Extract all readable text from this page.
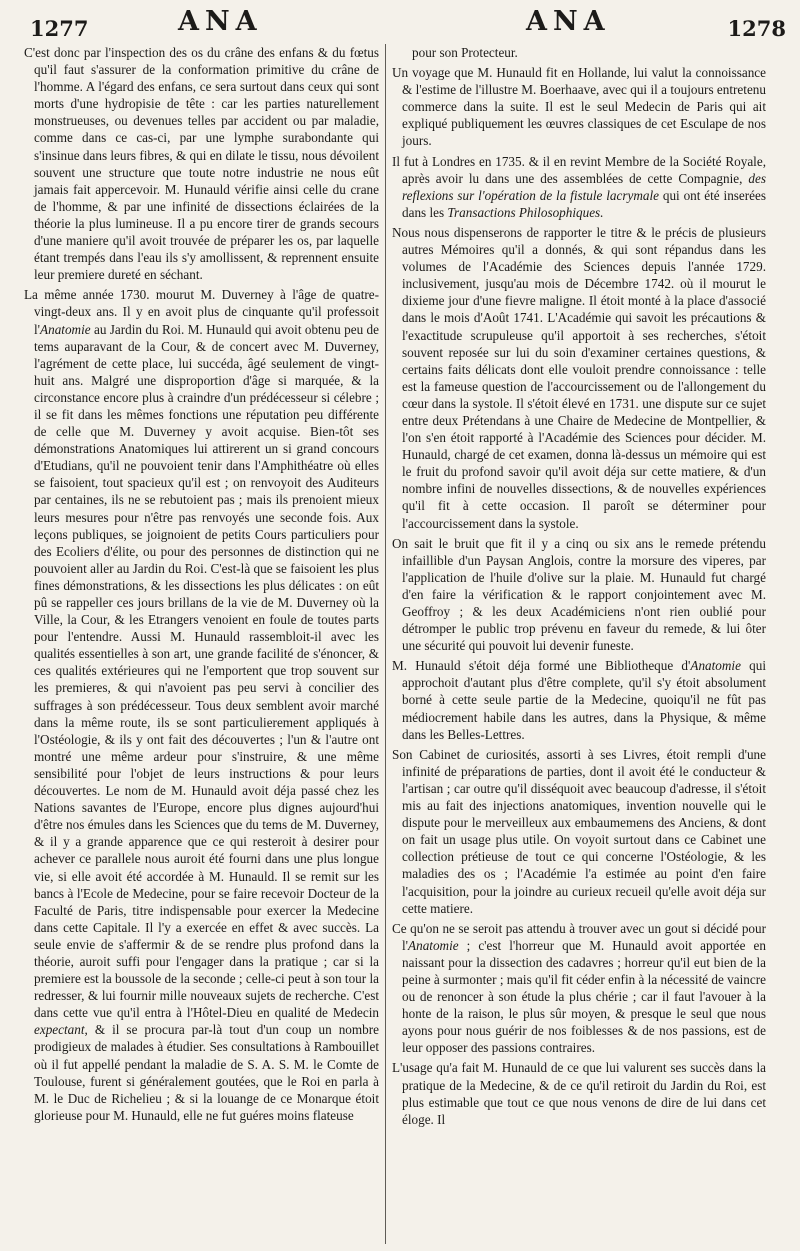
1277	ANA	ANA	1278

C'est donc par l'inspection des os du crâne des enfans & du fœtus qu'il faut s'assurer de la conformation primitive du crâne de l'homme. A l'égard des enfans, ce sera surtout dans ceux qui sont morts d'une hydropisie de tête : car les parties naturellement monstrueuses, ou devenues telles par accident ou par maladie, comme dans ce cas-ci, par une lymphe surabondante qui s'insinue dans leurs fibres, & qui en dilate le tissu, nous dévoilent souvent une structure que toute notre industrie ne nous eût jamais fait appercevoir. M. Hunauld vérifie ainsi celle du crane de l'homme, & par une infinité de dissections éclairées de la théorie la plus lumineuse. Il a pu encore tirer de grands secours d'une maniere qu'il avoit trouvée de préparer les os, par laquelle étant trempés dans l'eau ils s'y amollissent, & reprennent ensuite leur premiere dureté en séchant.

La même année 1730. mourut M. Duverney à l'âge de quatre-vingt-deux ans. Il y en avoit plus de cinquante qu'il professoit l'Anatomie au Jardin du Roi. M. Hunauld qui avoit obtenu peu de tems auparavant de la Cour, & de concert avec M. Duverney, l'agrément de cette place, lui succéda, âgé seulement de vingt-huit ans. Malgré une disproportion d'âge si marquée, & la circonstance encore plus à craindre d'un prédécesseur si célebre ; il se fit dans les mêmes fonctions une réputation peu différente de celle que M. Duverney y avoit acquise. Bien-tôt ses démonstrations Anatomiques lui attirerent un si grand concours d'Etudians, qu'il ne pouvoient tenir dans l'Amphithéatre où elles se faisoient, tout spacieux qu'il est ; on renvoyoit des Auditeurs par centaines, ils ne se rebutoient pas ; mais ils prenoient mieux leurs mesures pour n'être pas renvoyés une seconde fois. Aux leçons publiques, se joignoient de petits Cours particuliers pour des Ecoliers d'élite, ou pour des personnes de distinction qui ne pouvoient aller au Jardin du Roi. C'est-là que se faisoient les plus fines démonstrations, & les dissections les plus délicates : on eût pû se rappeller ces jours brillans de la vie de M. Duverney où la Ville, la Cour, & les Etrangers venoient en foule de toutes parts pour l'entendre. Aussi M. Hunauld rassembloit-il avec les qualités essentielles à son art, une grande facilité de s'énoncer, & ces qualités extérieures qui ne l'emportent que trop souvent sur les premieres, & qui n'avoient pas peu servi à concilier des suffrages à son prédécesseur. Tous deux semblent avoir marché dans la même route, ils se sont particulierement appliqués à l'Ostéologie, & ils y ont fait des découvertes ; l'un & l'autre ont montré une même ardeur pour s'instruire, & une même sensibilité pour l'objet de leurs instructions & pour leurs découvertes. Le nom de M. Hunauld avoit déja passé chez les Nations savantes de l'Europe, encore plus dignes aujourd'hui d'être nos émules dans les Sciences que du tems de M. Duverney, & il y a grande apparence que ce qui resteroit à desirer pour achever ce parallele nous auroit été fourni dans une plus longue vie, si elle avoit été accordée à M. Hunauld. Il se remit sur les bancs à l'Ecole de Medecine, pour se faire recevoir Docteur de la Faculté de Paris, titre indispensable pour exercer la Medecine dans cette Capitale. Il l'y a exercée en effet & avec succès. La seule envie de s'affermir & de se rendre plus profond dans la théorie, auroit suffi pour l'engager dans la pratique ; car si la premiere est la boussole de la seconde ; celle-ci peut à son tour la redresser, & lui fournir mille nouveaux sujets de recherche. C'est dans cette vue qu'il entra à l'Hôtel-Dieu en qualité de Medecin expectant, & il se procura par-là tout d'un coup un nombre prodigieux de malades à étudier. Ses consultations à Rambouillet où il fut appellé pendant la maladie de S. A. S. M. le Comte de Toulouse, furent si généralement goutées, que le Roi en parla à M. le Duc de Richelieu ; & si la louange de ce Monarque étoit glorieuse pour M. Hunauld, elle ne fut guéres moins flateuse

pour son Protecteur.

Un voyage que M. Hunauld fit en Hollande, lui valut la connoissance & l'estime de l'illustre M. Boerhaave, avec qui il a toujours entretenu commerce dans la suite. Il est le seul Medecin de Paris qui ait expliqué publiquement les œuvres classiques de cet Esculape de nos jours.

Il fut à Londres en 1735. & il en revint Membre de la Société Royale, après avoir lu dans une des assemblées de cette Compagnie, des reflexions sur l'opération de la fistule lacrymale qui ont été inserées dans les Transactions Philosophiques.

Nous nous dispenserons de rapporter le titre & le précis de plusieurs autres Mémoires qu'il a donnés, & qui sont répandus dans les volumes de l'Académie des Sciences depuis l'année 1729. inclusivement, jusqu'au mois de Décembre 1742. où il mourut le dixieme jour d'une fievre maligne. Il étoit monté à la place d'associé dans le mois d'Août 1741. L'Académie qui savoit les précautions & l'exactitude scrupuleuse qu'il apportoit à ses recherches, s'étoit souvent reposée sur lui du soin d'examiner certaines questions, & certains faits délicats dont elle vouloit prendre connoissance : telle est la fameuse question de l'accourcissement ou de l'allongement du cœur dans la systole. Il s'étoit élevé en 1731. une dispute sur ce sujet entre deux Prétendans à une Chaire de Medecine de Montpellier, & l'on s'en étoit rapporté à l'Académie des Sciences pour décider. M. Hunauld, chargé de cet examen, donna là-dessus un mémoire qui est le fruit du profond savoir qu'il avoit déja sur cette matiere, & d'un nombre infini de nouvelles dissections, & de nouvelles expériences qu'il fit à cette occasion. Il paroît se déterminer pour l'accourcissement dans la systole.

On sait le bruit que fit il y a cinq ou six ans le remede prétendu infaillible d'un Paysan Anglois, contre la morsure des viperes, par l'application de l'huile d'olive sur la plaie. M. Hunauld fut chargé d'en faire la vérification & le rapport conjointement avec M. Geoffroy ; & les deux Académiciens n'ont rien oublié pour détromper le public trop prévenu en faveur du remede, & lui ôter une sécurité qui pouvoit lui devenir funeste.

M. Hunauld s'étoit déja formé une Bibliotheque d'Anatomie qui approchoit d'autant plus d'être complete, qu'il s'y étoit absolument borné à cette seule partie de la Medecine, quoiqu'il ne fût pas médiocrement habile dans les autres, dans la Physique, & même dans les Belles-Lettres.

Son Cabinet de curiosités, assorti à ses Livres, étoit rempli d'une infinité de préparations de parties, dont il avoit été le conducteur & l'artisan ; car outre qu'il disséquoit avec beaucoup d'adresse, il s'étoit mis au fait des injections anatomiques, invention nouvelle qui le dispute pour le merveilleux aux embaumemens des Anciens, & dont on fait un usage plus utile. On voyoit surtout dans ce Cabinet une collection prétieuse de tout ce qui concerne l'Ostéologie, & les maladies des os ; l'Académie l'a estimée au point d'en faire l'acquisition, pour la joindre au curieux recueil qu'elle avoit déja sur cette matiere.

Ce qu'on ne se seroit pas attendu à trouver avec un gout si décidé pour l'Anatomie ; c'est l'horreur que M. Hunauld avoit apportée en naissant pour la dissection des cadavres ; horreur qu'il eut bien de la peine à surmonter ; mais qu'il fit céder enfin à la nécessité de vaincre ou de renoncer à son étude la plus chérie ; car il faut l'avouer à la honte de la raison, le plus sûr moyen, & presque le seul que nous ayons pour nous guérir de nos foiblesses & de nos passions, est de leur opposer des passions contraires.

L'usage qu'a fait M. Hunauld de ce que lui valurent ses succès dans la pratique de la Medecine, & de ce qu'il retiroit du Jardin du Roi, est plus estimable que tout ce que nous venons de dire de lui dans cet éloge. Il
